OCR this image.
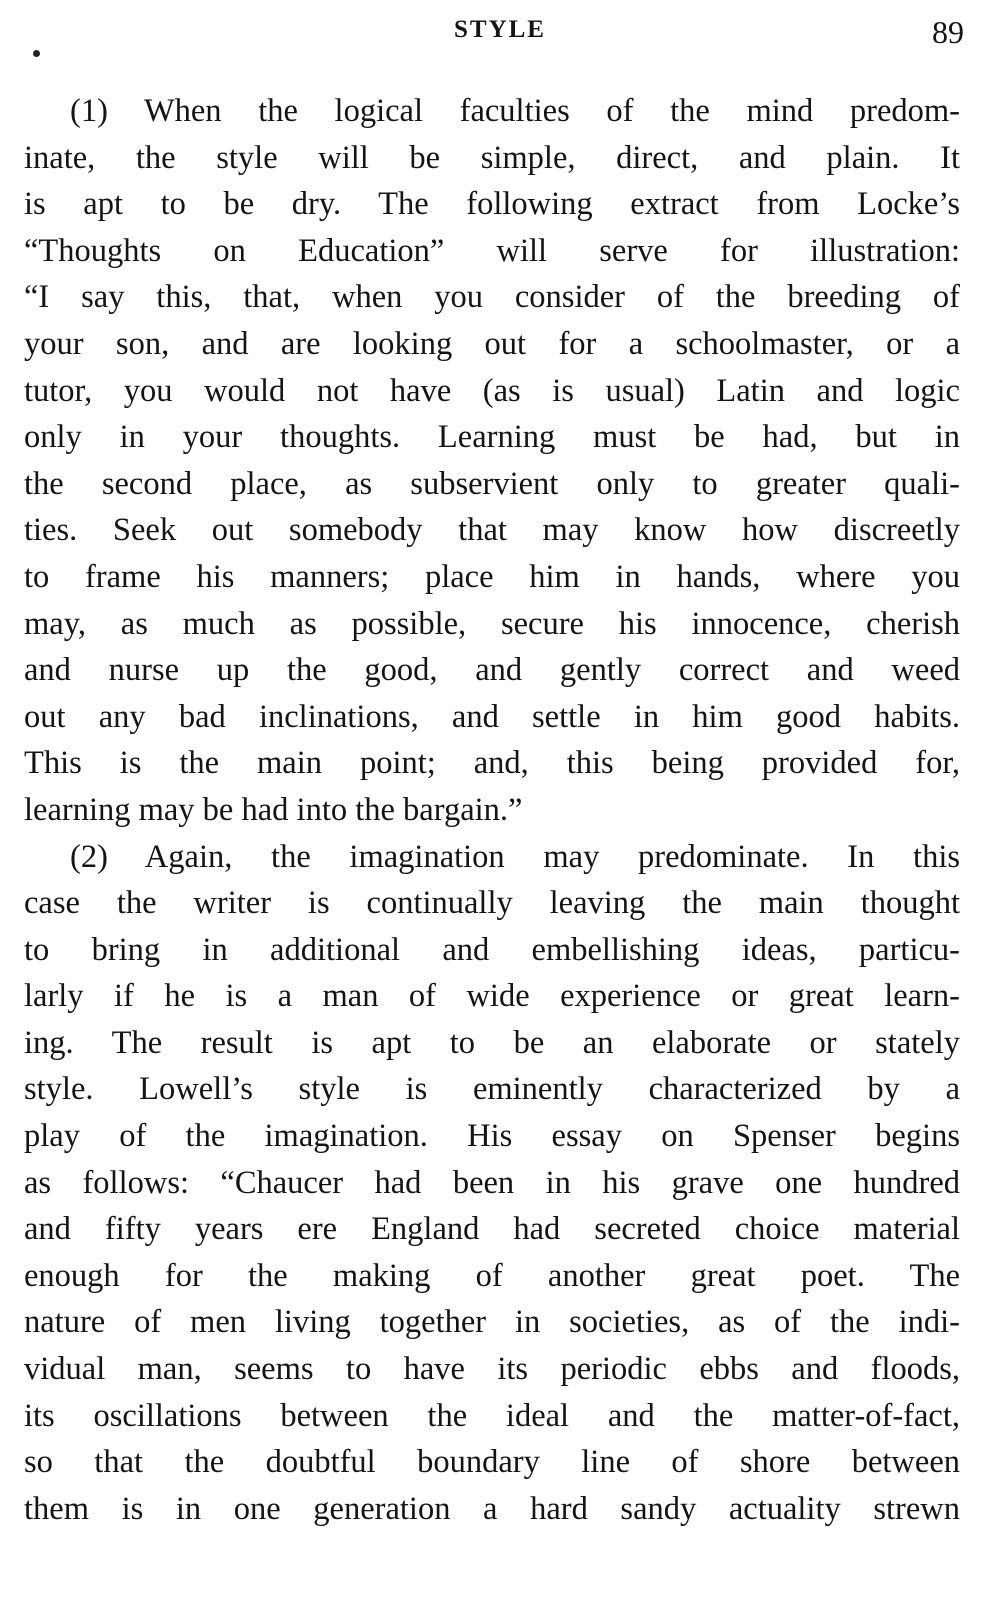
STYLE	89
(1) When the logical faculties of the mind predom-
inate, the style will be simple, direct, and plain. It
is apt to be dry. The following extract from Locke’s
“Thoughts on Education” will serve for illustration:
“I say this, that, when you consider of the breeding of
your son, and are looking out for a schoolmaster, or a
tutor, you would not have (as is usual) Latin and logic
only in your thoughts. Learning must be had, but in
the second place, as subservient only to greater quali-
ties. Seek out somebody that may know how discreetly
to frame his manners; place him in hands, where you
may, as much as possible, secure his innocence, cherish
and nurse up the good, and gently correct and weed
out any bad inclinations, and settle in him good habits.
This is the main point; and, this being provided for,
learning may be had into the bargain.”
(2) Again, the imagination may predominate. In this
case the writer is continually leaving the main thought
to bring in additional and embellishing ideas, particu-
larly if he is a man of wide experience or great learn-
ing. The result is apt to be an elaborate or stately
style. Lowell’s style is eminently characterized by a
play of the imagination. His essay on Spenser begins
as follows: “Chaucer had been in his grave one hundred
and fifty years ere England had secreted choice material
enough for the making of another great poet. The
nature of men living together in societies, as of the indi-
vidual man, seems to have its periodic ebbs and floods,
its oscillations between the ideal and the matter-of-fact,
so that the doubtful boundary line of shore between
them is in one generation a hard sandy actuality strewn
